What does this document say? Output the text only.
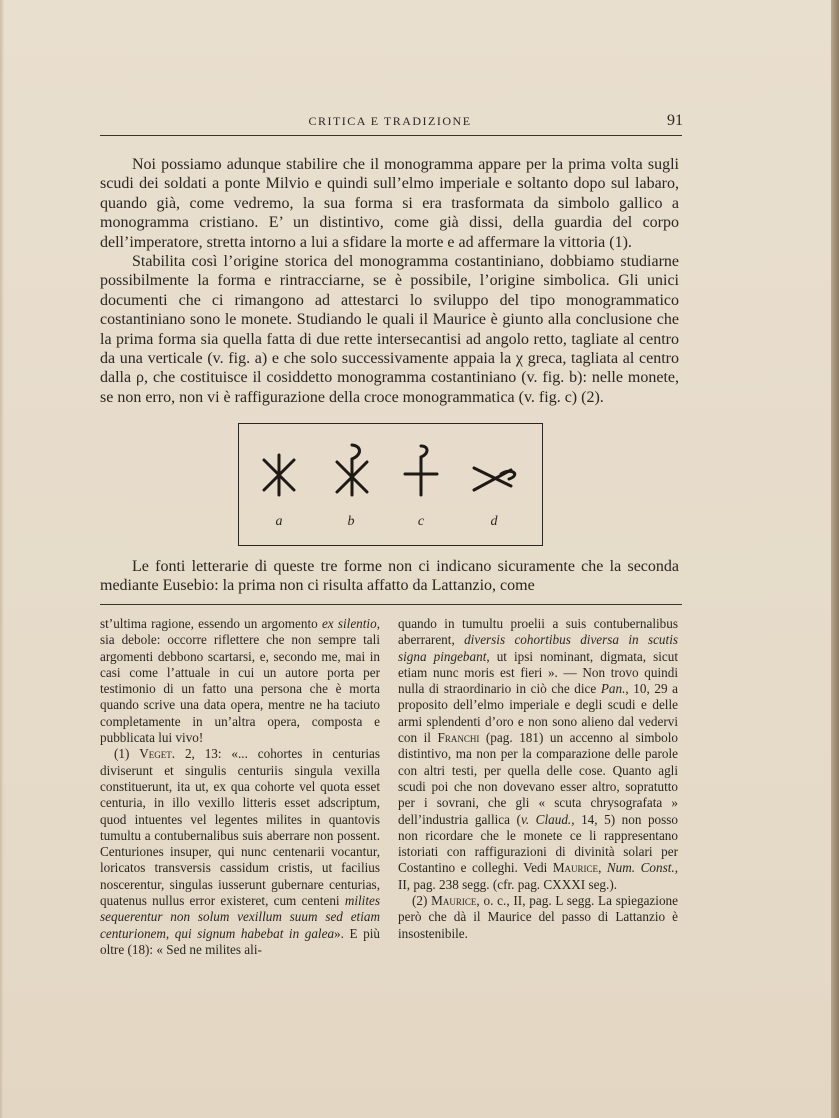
CRITICA E TRADIZIONE	91

Noi possiamo adunque stabilire che il monogramma appare per la prima volta sugli scudi dei soldati a ponte Milvio e quindi sull’elmo imperiale e soltanto dopo sul labaro, quando già, come vedremo, la sua forma si era trasformata da simbolo gallico a monogramma cristiano. E’ un distintivo, come già dissi, della guardia del corpo dell’imperatore, stretta intorno a lui a sfidare la morte e ad affermare la vittoria (1).

Stabilita così l’origine storica del monogramma costantiniano, dobbiamo studiarne possibilmente la forma e rintracciarne, se è possibile, l’origine simbolica. Gli unici documenti che ci rimangono ad attestarci lo sviluppo del tipo monogrammatico costantiniano sono le monete. Studiando le quali il Maurice è giunto alla conclusione che la prima forma sia quella fatta di due rette intersecantisi ad angolo retto, tagliate al centro da una verticale (v. fig. a) e che solo successivamente appaia la χ greca, tagliata al centro dalla ρ, che costituisce il cosiddetto monogramma costantiniano (v. fig. b): nelle monete, se non erro, non vi è raffigurazione della croce monogrammatica (v. fig. c) (2).

a	b	c	d

Le fonti letterarie di queste tre forme non ci indicano sicuramente che la seconda mediante Eusebio: la prima non ci risulta affatto da Lattanzio, come

st’ultima ragione, essendo un argomento ex silentio, sia debole: occorre riflettere che non sempre tali argomenti debbono scartarsi, e, secondo me, mai in casi come l’attuale in cui un autore porta per testimonio di un fatto una persona che è morta quando scrive una data opera, mentre ne ha taciuto completamente in un’altra opera, composta e pubblicata lui vivo!

(1) Veget. 2, 13: «... cohortes in centurias diviserunt et singulis centuriis singula vexilla constituerunt, ita ut, ex qua cohorte vel quota esset centuria, in illo vexillo litteris esset adscriptum, quod intuentes vel legentes milites in quantovis tumultu a contubernalibus suis aberrare non possent. Centuriones insuper, qui nunc centenarii vocantur, loricatos transversis cassidum cristis, ut facilius noscerentur, singulas iusserunt gubernare centurias, quatenus nullus error existeret, cum centeni milites sequerentur non solum vexillum suum sed etiam centurionem, qui signum habebat in galea». E più oltre (18): « Sed ne milites ali-

quando in tumultu proelii a suis contubernalibus aberrarent, diversis cohortibus diversa in scutis signa pingebant, ut ipsi nominant, digmata, sicut etiam nunc moris est fieri ». — Non trovo quindi nulla di straordinario in ciò che dice Pan., 10, 29 a proposito dell’elmo imperiale e degli scudi e delle armi splendenti d’oro e non sono alieno dal vedervi con il Franchi (pag. 181) un accenno al simbolo distintivo, ma non per la comparazione delle parole con altri testi, per quella delle cose. Quanto agli scudi poi che non dovevano esser altro, sopratutto per i sovrani, che gli « scuta chrysografata » dell’industria gallica (v. Claud., 14, 5) non posso non ricordare che le monete ce li rappresentano istoriati con raffigurazioni di divinità solari per Costantino e colleghi. Vedi Maurice, Num. Const., II, pag. 238 segg. (cfr. pag. CXXXI seg.).

(2) Maurice, o. c., II, pag. L segg. La spiegazione però che dà il Maurice del passo di Lattanzio è insostenibile.
